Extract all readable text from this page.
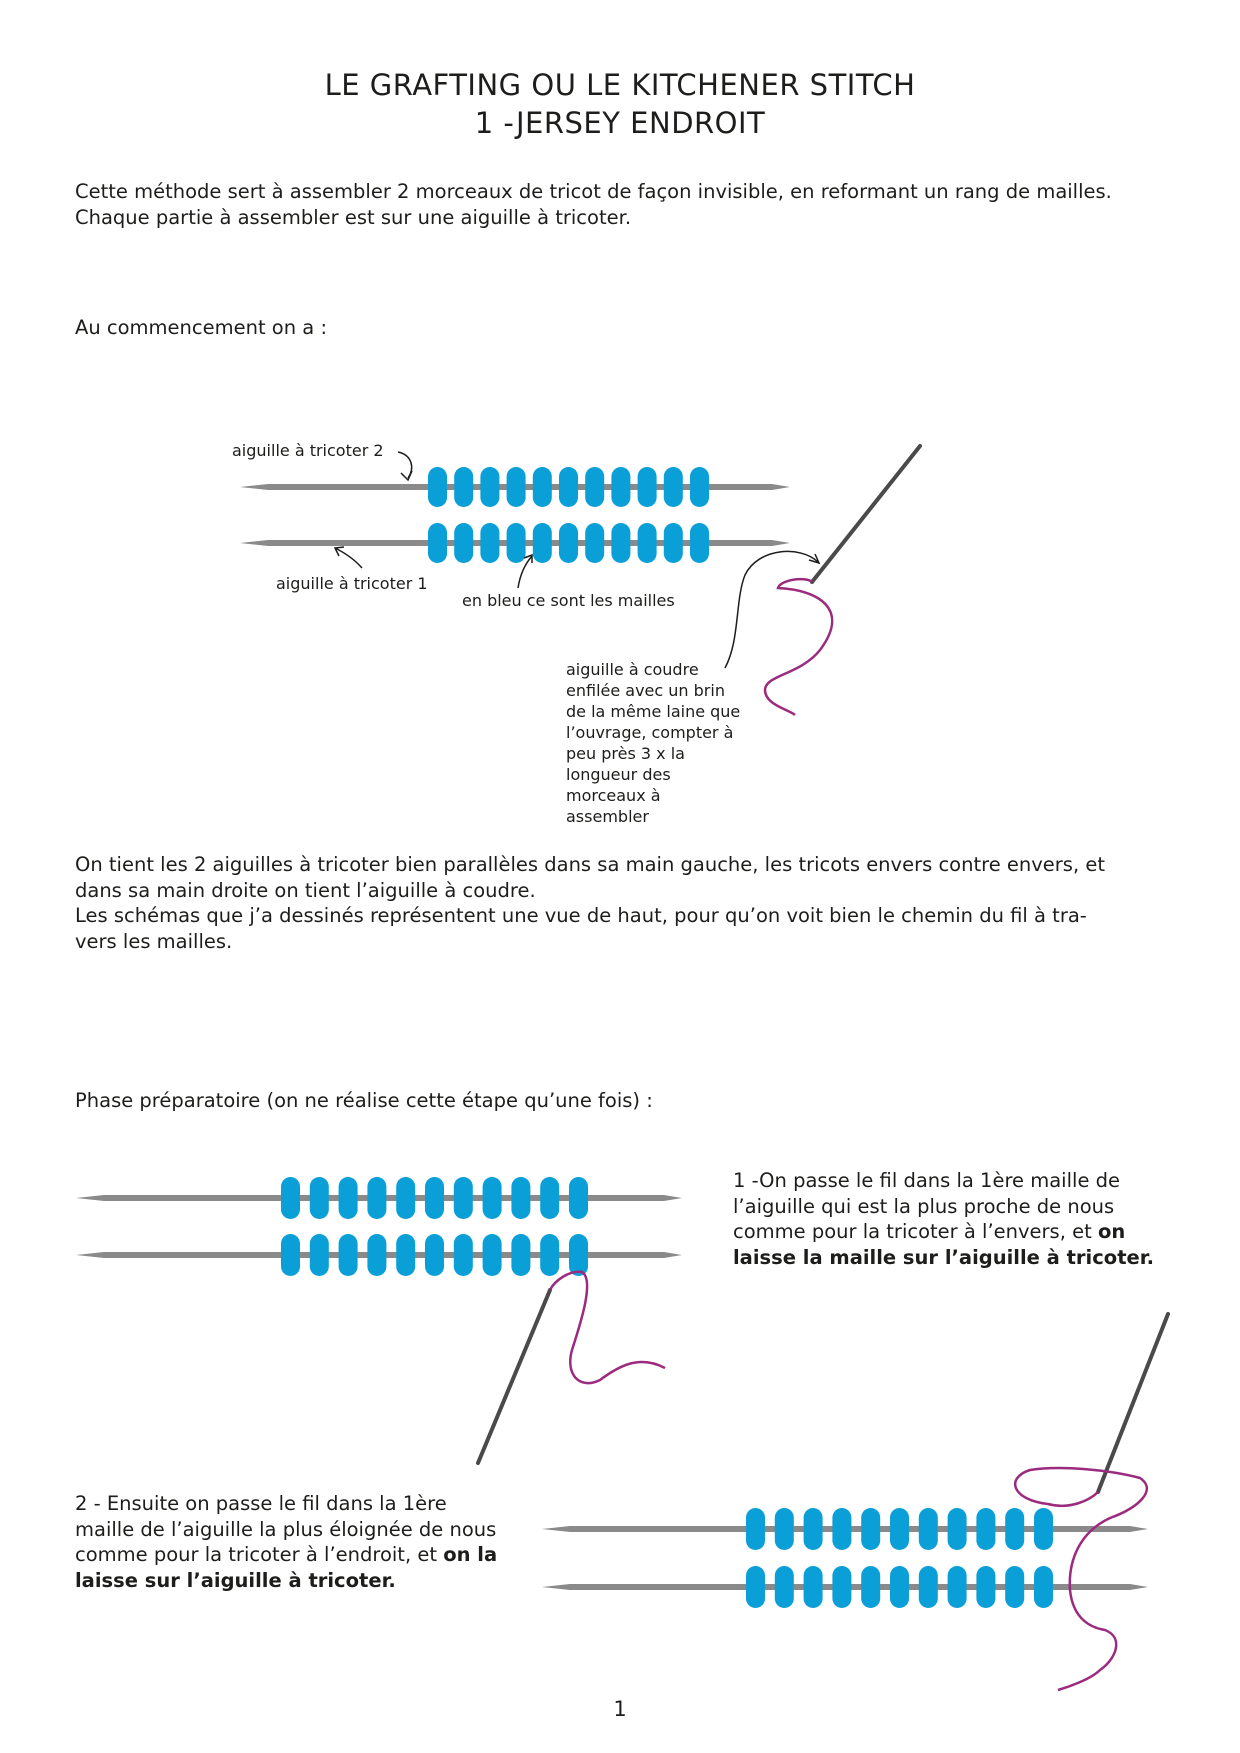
LE GRAFTING OU LE KITCHENER STITCH
1 -JERSEY ENDROIT

Cette méthode sert à assembler 2 morceaux de tricot de façon invisible, en reformant un rang de mailles.
Chaque partie à assembler est sur une aiguille à tricoter.

Au commencement on a :

aiguille à tricoter 2

aiguille à tricoter 1

en bleu ce sont les mailles

aiguille à coudre
enfilée avec un brin
de la même laine que
l’ouvrage, compter à
peu près 3 x la
longueur des
morceaux à
assembler

On tient les 2 aiguilles à tricoter bien parallèles dans sa main gauche, les tricots envers contre envers, et
dans sa main droite on tient l’aiguille à coudre.
Les schémas que j’a dessinés représentent une vue de haut, pour qu’on voit bien le chemin du fil à tra-
vers les mailles.

Phase préparatoire (on ne réalise cette étape qu’une fois) :

1 -On passe le fil dans la 1ère maille de
l’aiguille qui est la plus proche de nous
comme pour la tricoter à l’envers, et on
laisse la maille sur l’aiguille à tricoter.

2 - Ensuite on passe le fil dans la 1ère
maille de l’aiguille la plus éloignée de nous
comme pour la tricoter à l’endroit, et on la
laisse sur l’aiguille à tricoter.

1
